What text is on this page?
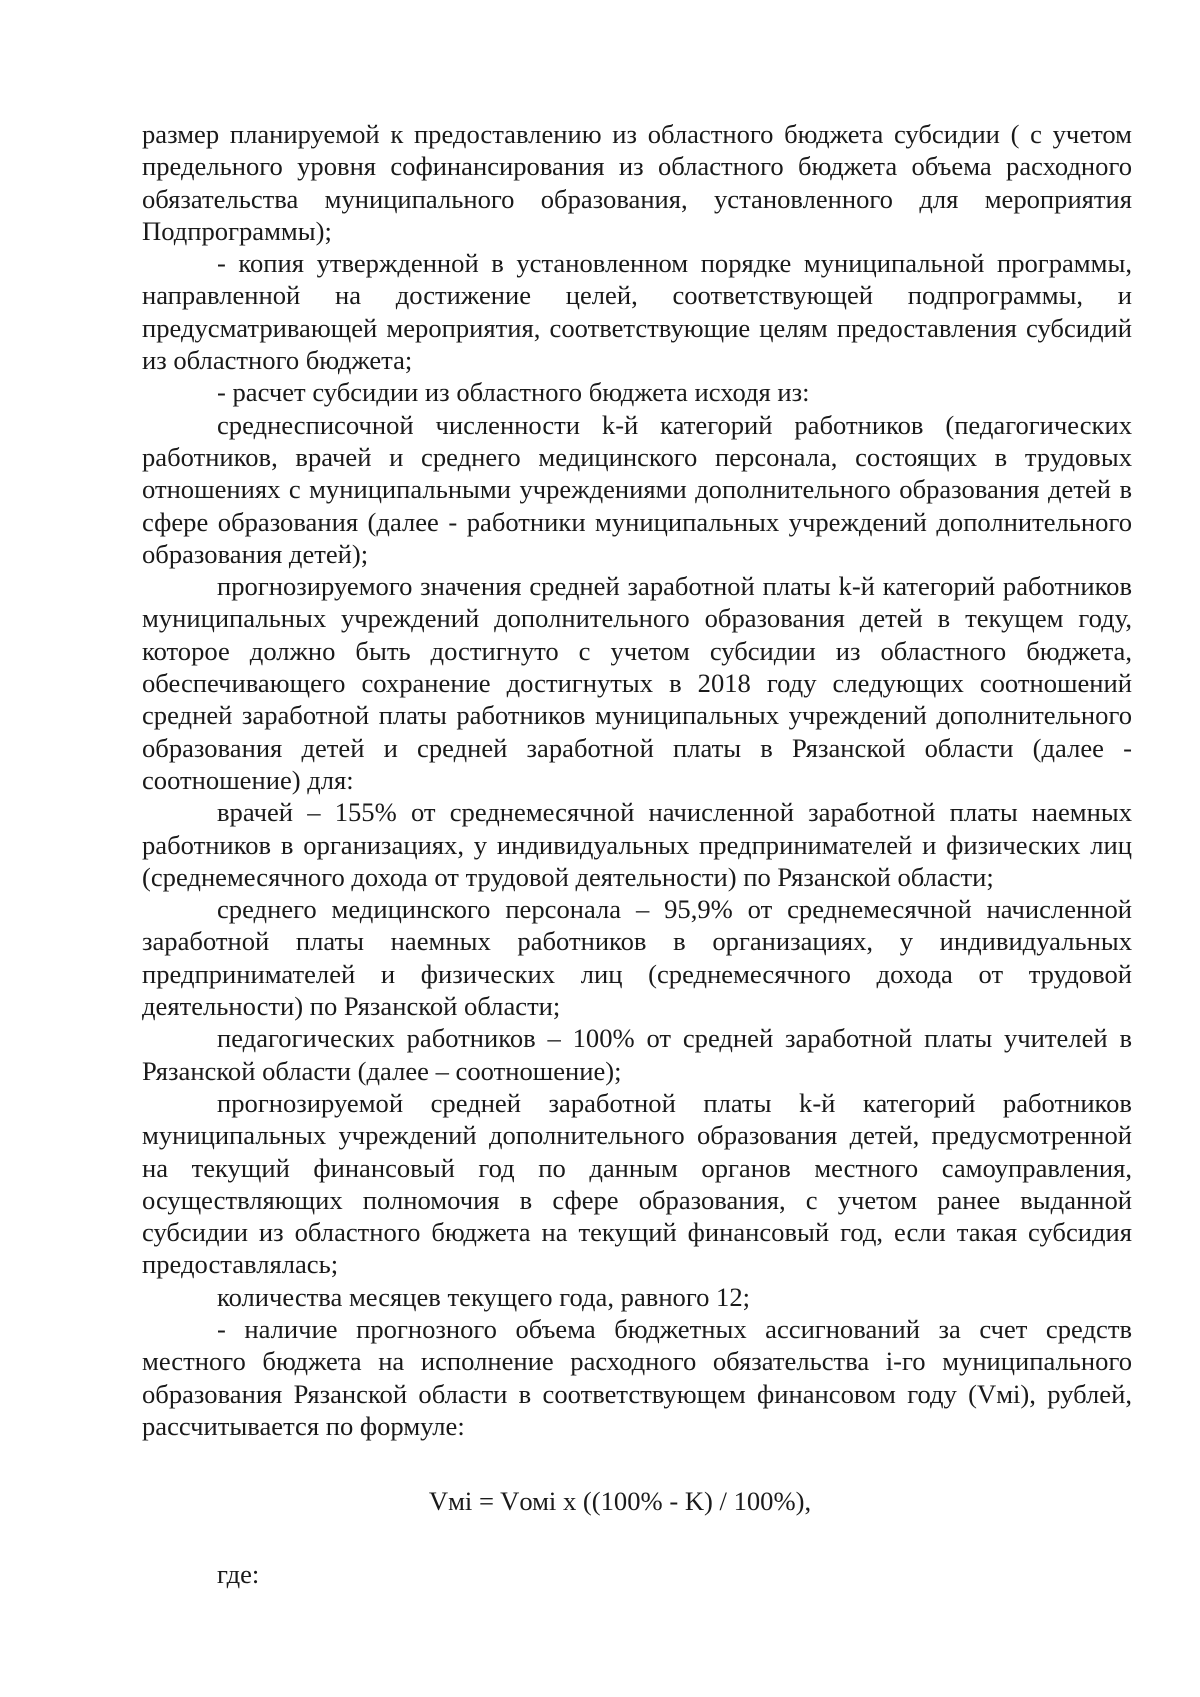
размер планируемой к предоставлению из областного бюджета субсидии ( с учетом предельного уровня софинансирования из областного бюджета объема расходного обязательства муниципального образования, установленного для мероприятия Подпрограммы);

- копия утвержденной в установленном порядке муниципальной программы, направленной на достижение целей, соответствующей подпрограммы, и предусматривающей мероприятия, соответствующие целям предоставления субсидий из областного бюджета;

- расчет субсидии из областного бюджета исходя из:

среднесписочной численности k-й категорий работников (педагогических работников, врачей и среднего медицинского персонала, состоящих в трудовых отношениях с муниципальными учреждениями дополнительного образования детей в сфере образования (далее - работники муниципальных учреждений дополнительного образования детей);

прогнозируемого значения средней заработной платы k-й категорий работников муниципальных учреждений дополнительного образования детей в текущем году, которое должно быть достигнуто с учетом субсидии из областного бюджета, обеспечивающего сохранение достигнутых в 2018 году следующих соотношений средней заработной платы работников муниципальных учреждений дополнительного образования детей и средней заработной платы в Рязанской области (далее - соотношение) для:

врачей – 155% от среднемесячной начисленной заработной платы наемных работников в организациях, у индивидуальных предпринимателей и физических лиц (среднемесячного дохода от трудовой деятельности) по Рязанской области;

среднего медицинского персонала – 95,9% от среднемесячной начисленной заработной платы наемных работников в организациях, у индивидуальных предпринимателей и физических лиц (среднемесячного дохода от трудовой деятельности) по Рязанской области;

педагогических работников – 100% от средней заработной платы учителей в Рязанской области (далее – соотношение);

прогнозируемой средней заработной платы k-й категорий работников муниципальных учреждений дополнительного образования детей, предусмотренной на текущий финансовый год по данным органов местного самоуправления, осуществляющих полномочия в сфере образования, с учетом ранее выданной субсидии из областного бюджета на текущий финансовый год, если такая субсидия предоставлялась;

количества месяцев текущего года, равного 12;

- наличие прогнозного объема бюджетных ассигнований за счет средств местного бюджета на исполнение расходного обязательства i-го муниципального образования Рязанской области в соответствующем финансовом году (Vмi), рублей, рассчитывается по формуле:

Vмi = Vомi x ((100% - K) / 100%),
где:
